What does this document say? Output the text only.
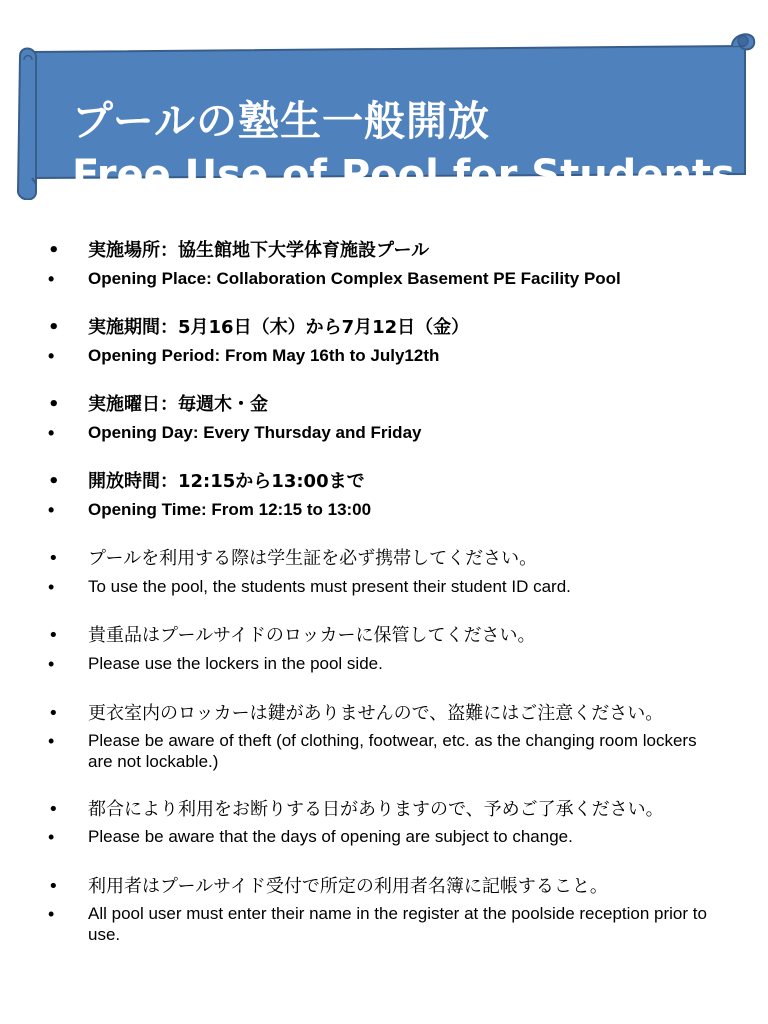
プールの塾生一般開放
Free Use of Pool for Students
• 実施場所：協生館地下大学体育施設プール
•	Opening Place: Collaboration Complex Basement PE Facility Pool
• 実施期間：5月16日（木）から7月12日（金）
•	Opening Period: From May 16th to July12th
• 実施曜日：毎週木・金
•	Opening Day: Every Thursday and Friday
• 開放時間：12:15から13:00まで
•	Opening Time: From 12:15 to 13:00
• プールを利用する際は学生証を必ず携帯してください。
•	To use the pool, the students must present their student ID card.
• 貴重品はプールサイドのロッカーに保管してください。
•	Please use the lockers in the pool side.
• 更衣室内のロッカーは鍵がありませんので、盗難にはご注意ください。
•	Please be aware of theft (of clothing, footwear, etc. as the changing room lockers are not lockable.)
• 都合により利用をお断りする日がありますので、予めご了承ください。
•	Please be aware that the days of opening are subject to change.
• 利用者はプールサイド受付で所定の利用者名簿に記帳すること。
•	All pool user must enter their name in the register at the poolside reception prior to use.
